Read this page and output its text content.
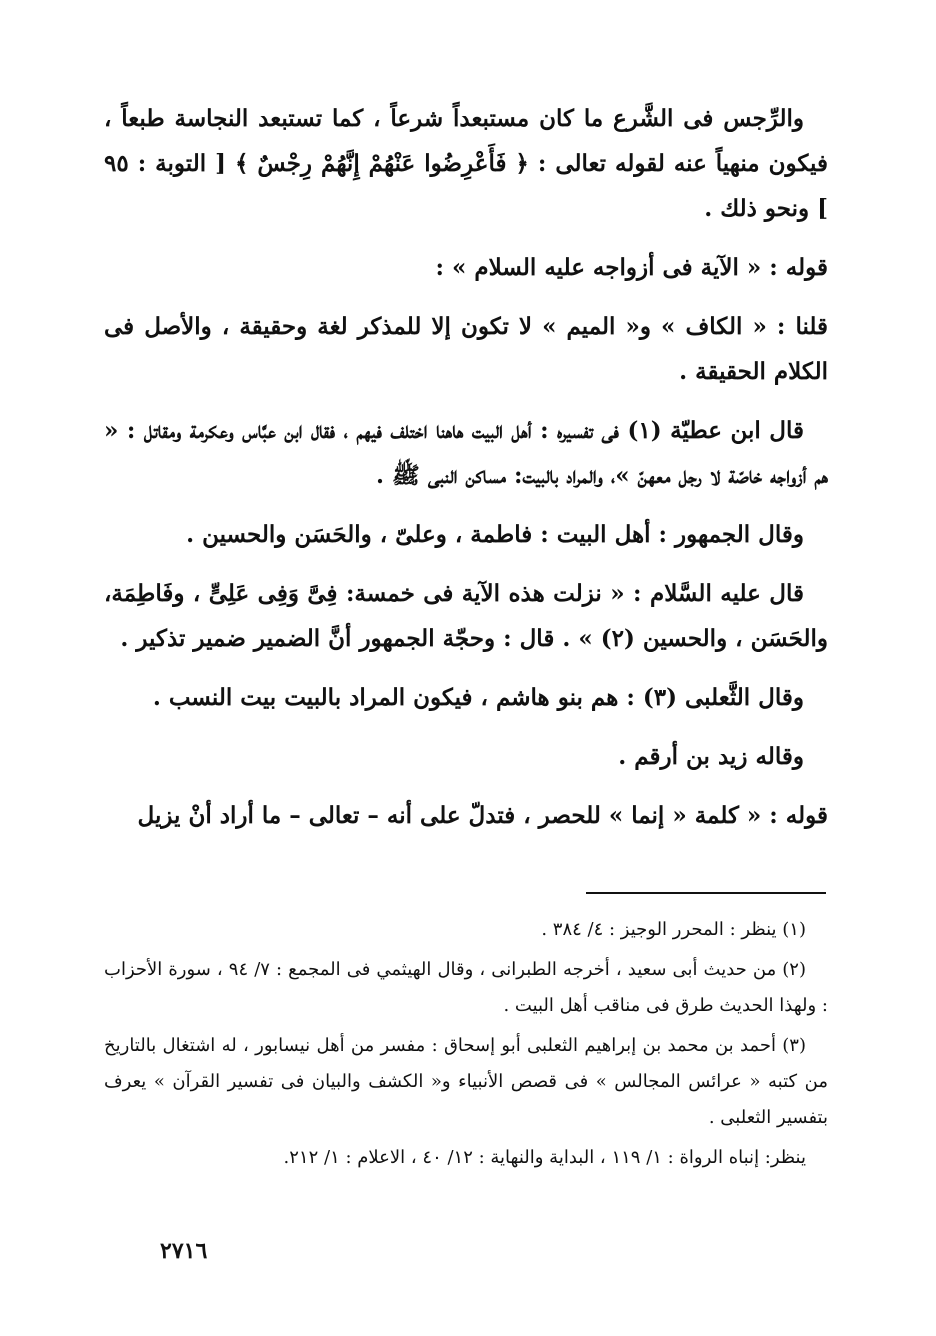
والرِّجس فى الشَّرع ما كان مستبعداً شرعاً ، كما تستبعد النجاسة طبعاً ، فيكون منهياً عنه لقوله تعالى : ﴿ فَأَعْرِضُوا عَنْهُمْ إِنَّهُمْ رِجْسٌ ﴾ [ التوبة : ٩٥ ] ونحو ذلك .

قوله : « الآية فى أزواجه عليه السلام » :

قلنا : « الكاف » و« الميم » لا تكون إلا للمذكر لغة وحقيقة ، والأصل فى الكلام الحقيقة .

قال ابن عطيّة (١) فى تفسيره : أهل البيت هاهنا اختلف فيهم ، فقال ابن عبَّاس وعكرمة ومقاتل : « هم أزواجه خاصّة لا رجل معهنّ »، والمراد بالبيت: مساكن النبى ﷺ .

وقال الجمهور : أهل البيت : فاطمة ، وعلىّ ، والحَسَن والحسين .

قال عليه السَّلام : « نزلت هذه الآية فى خمسة: فِىَّ وَفِى عَلِىٍّ ، وفَاطِمَة، والحَسَن ، والحسين (٢) » . قال : وحجّة الجمهور أنَّ الضمير ضمير تذكير .

وقال الثَّعلبى (٣) : هم بنو هاشم ، فيكون المراد بالبيت بيت النسب .

وقاله زيد بن أرقم .

قوله : « كلمة « إنما » للحصر ، فتدلّ على أنه – تعالى – ما أراد أنْ يزيل

(١) ينظر : المحرر الوجيز : ٤/ ٣٨٤ .

(٢) من حديث أبى سعيد ، أخرجه الطبرانى ، وقال الهيثمي فى المجمع : ٧/ ٩٤ ، سورة الأحزاب : ولهذا الحديث طرق فى مناقب أهل البيت .

(٣) أحمد بن محمد بن إبراهيم الثعلبى أبو إسحاق : مفسر من أهل نيسابور ، له اشتغال بالتاريخ من كتبه « عرائس المجالس » فى قصص الأنبياء و« الكشف والبيان فى تفسير القرآن » يعرف بتفسير الثعلبى .

ينظر: إنباه الرواة : ١/ ١١٩ ، البداية والنهاية : ١٢/ ٤٠ ، الاعلام : ١/ ٢١٢.

٢٧١٦
